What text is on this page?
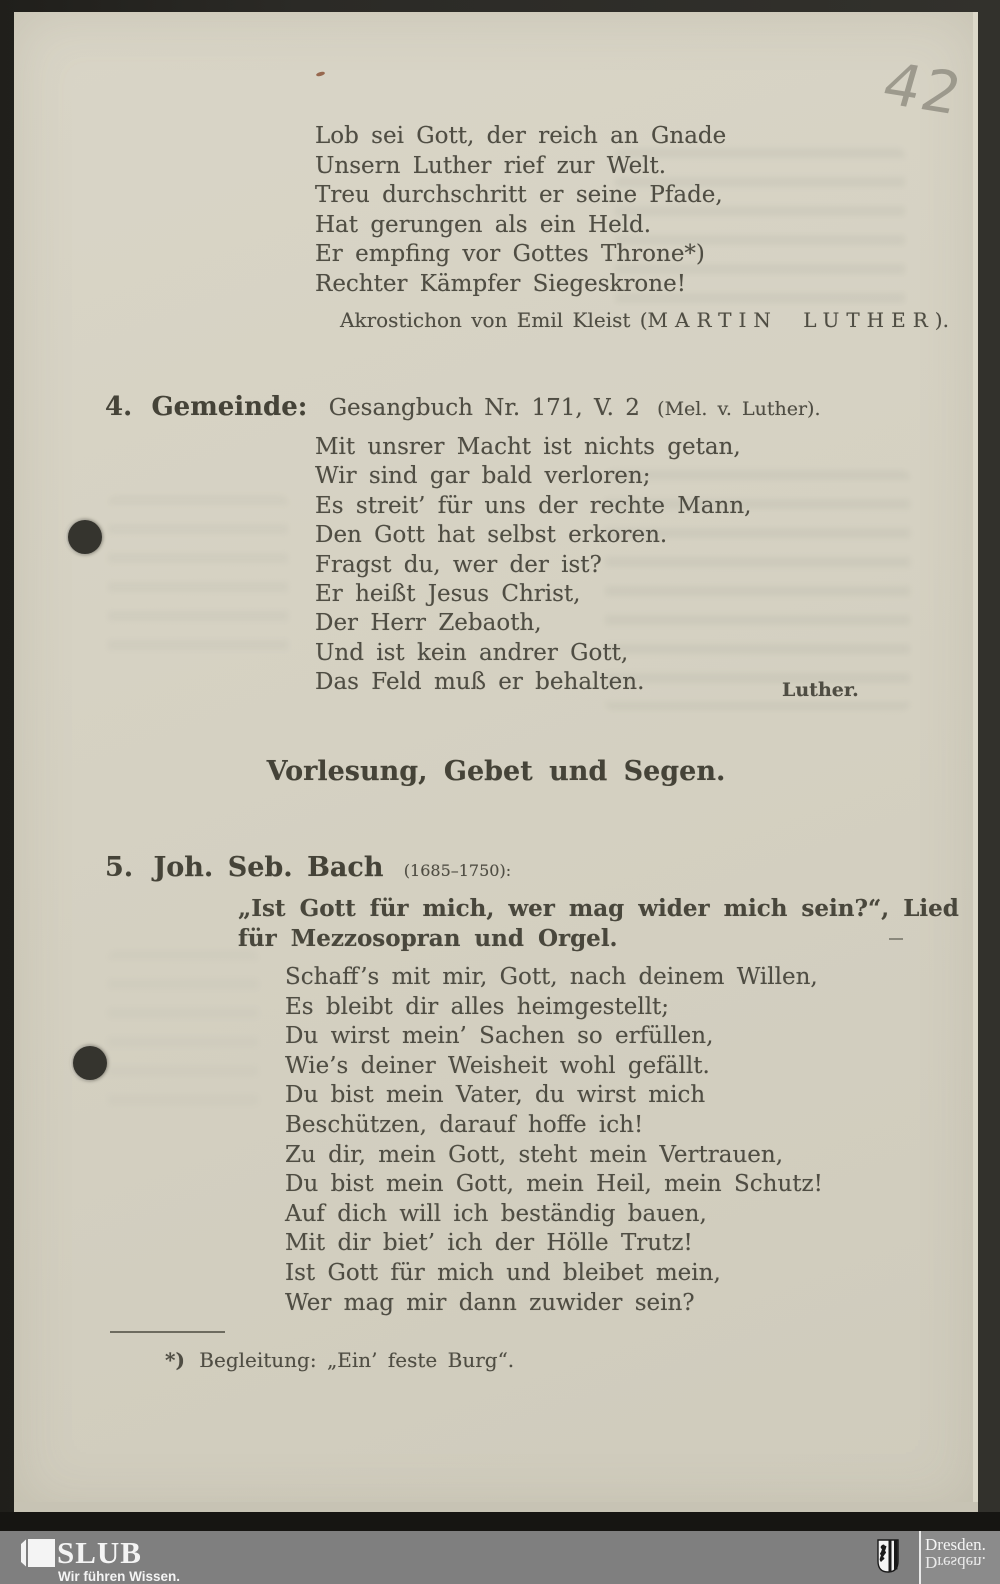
42
Lob sei Gott, der reich an Gnade
Unsern Luther rief zur Welt.
Treu durchschritt er seine Pfade,
Hat gerungen als ein Held.
Er empfing vor Gottes Throne*)
Rechter Kämpfer Siegeskrone!
Akrostichon von Emil Kleist (MARTIN LUTHER).
4. Gemeinde: Gesangbuch Nr. 171, V. 2 (Mel. v. Luther).
Mit unsrer Macht ist nichts getan,
Wir sind gar bald verloren;
Es streit’ für uns der rechte Mann,
Den Gott hat selbst erkoren.
Fragst du, wer der ist?
Er heißt Jesus Christ,
Der Herr Zebaoth,
Und ist kein andrer Gott,
Das Feld muß er behalten.	Luther.
Vorlesung, Gebet und Segen.
5. Joh. Seb. Bach (1685–1750):
„Ist Gott für mich, wer mag wider mich sein?“, Lied
für Mezzosopran und Orgel.
Schaff’s mit mir, Gott, nach deinem Willen,
Es bleibt dir alles heimgestellt;
Du wirst mein’ Sachen so erfüllen,
Wie’s deiner Weisheit wohl gefällt.
Du bist mein Vater, du wirst mich
Beschützen, darauf hoffe ich!
Zu dir, mein Gott, steht mein Vertrauen,
Du bist mein Gott, mein Heil, mein Schutz!
Auf dich will ich beständig bauen,
Mit dir biet’ ich der Hölle Trutz!
Ist Gott für mich und bleibet mein,
Wer mag mir dann zuwider sein?
*) Begleitung: „Ein’ feste Burg“.
SLUB
Wir führen Wissen.
Dresden.
Dresden.
